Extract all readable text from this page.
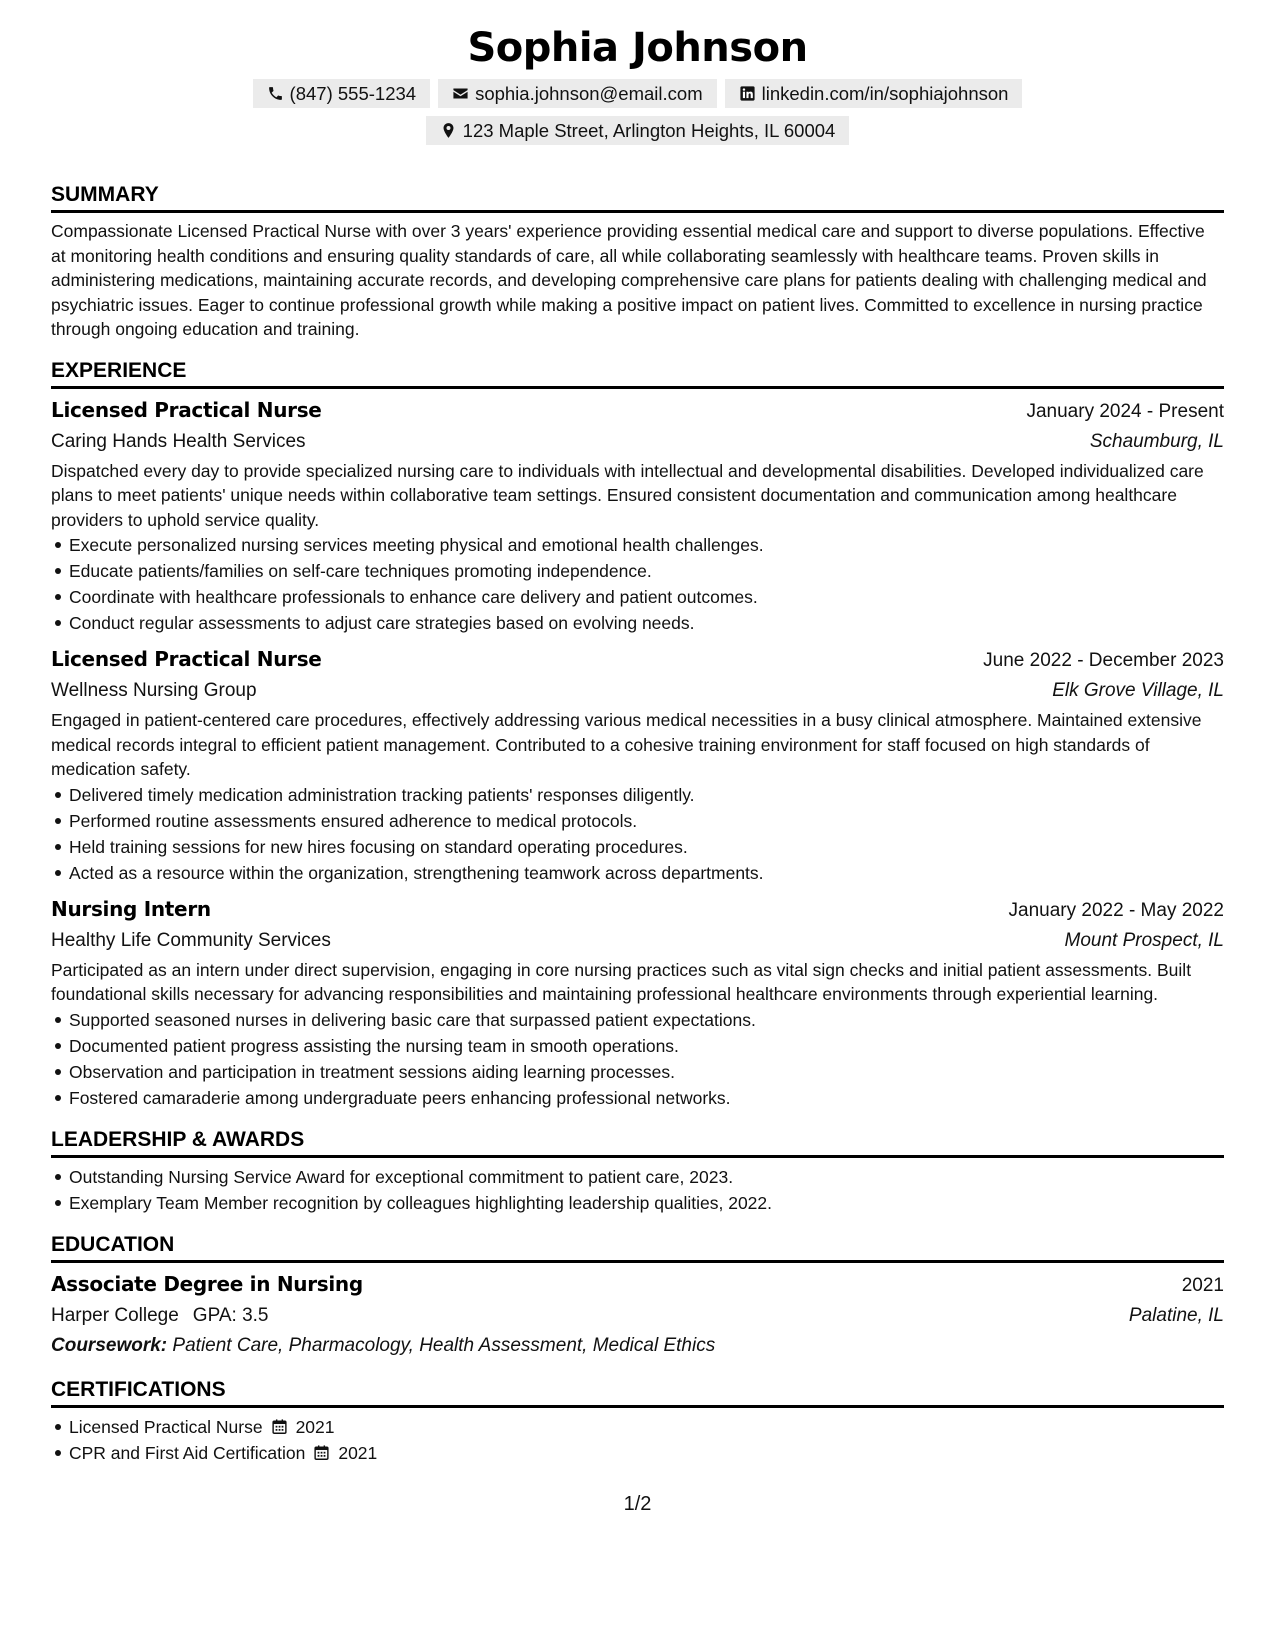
Sophia Johnson
(847) 555-1234	sophia.johnson@email.com	linkedin.com/in/sophiajohnson
123 Maple Street, Arlington Heights, IL 60004
SUMMARY

Compassionate Licensed Practical Nurse with over 3 years' experience providing essential medical care and support to diverse populations. Effective at monitoring health conditions and ensuring quality standards of care, all while collaborating seamlessly with healthcare teams. Proven skills in administering medications, maintaining accurate records, and developing comprehensive care plans for patients dealing with challenging medical and psychiatric issues. Eager to continue professional growth while making a positive impact on patient lives. Committed to excellence in nursing practice through ongoing education and training.

EXPERIENCE
Licensed Practical Nurse	January 2024 - Present
Caring Hands Health Services	Schaumburg, IL

Dispatched every day to provide specialized nursing care to individuals with intellectual and developmental disabilities. Developed individualized care plans to meet patients' unique needs within collaborative team settings. Ensured consistent documentation and communication among healthcare providers to uphold service quality.

Execute personalized nursing services meeting physical and emotional health challenges.
Educate patients/families on self-care techniques promoting independence.
Coordinate with healthcare professionals to enhance care delivery and patient outcomes.
Conduct regular assessments to adjust care strategies based on evolving needs.
Licensed Practical Nurse	June 2022 - December 2023
Wellness Nursing Group	Elk Grove Village, IL

Engaged in patient-centered care procedures, effectively addressing various medical necessities in a busy clinical atmosphere. Maintained extensive medical records integral to efficient patient management. Contributed to a cohesive training environment for staff focused on high standards of medication safety.

Delivered timely medication administration tracking patients' responses diligently.
Performed routine assessments ensured adherence to medical protocols.
Held training sessions for new hires focusing on standard operating procedures.
Acted as a resource within the organization, strengthening teamwork across departments.
Nursing Intern	January 2022 - May 2022
Healthy Life Community Services	Mount Prospect, IL

Participated as an intern under direct supervision, engaging in core nursing practices such as vital sign checks and initial patient assessments. Built foundational skills necessary for advancing responsibilities and maintaining professional healthcare environments through experiential learning.

Supported seasoned nurses in delivering basic care that surpassed patient expectations.
Documented patient progress assisting the nursing team in smooth operations.
Observation and participation in treatment sessions aiding learning processes.
Fostered camaraderie among undergraduate peers enhancing professional networks.
LEADERSHIP & AWARDS
Outstanding Nursing Service Award for exceptional commitment to patient care, 2023.
Exemplary Team Member recognition by colleagues highlighting leadership qualities, 2022.
EDUCATION
Associate Degree in Nursing	2021
Harper College GPA: 3.5	Palatine, IL
Coursework: Patient Care, Pharmacology, Health Assessment, Medical Ethics
CERTIFICATIONS
Licensed Practical Nurse 2021
CPR and First Aid Certification 2021
1/2
